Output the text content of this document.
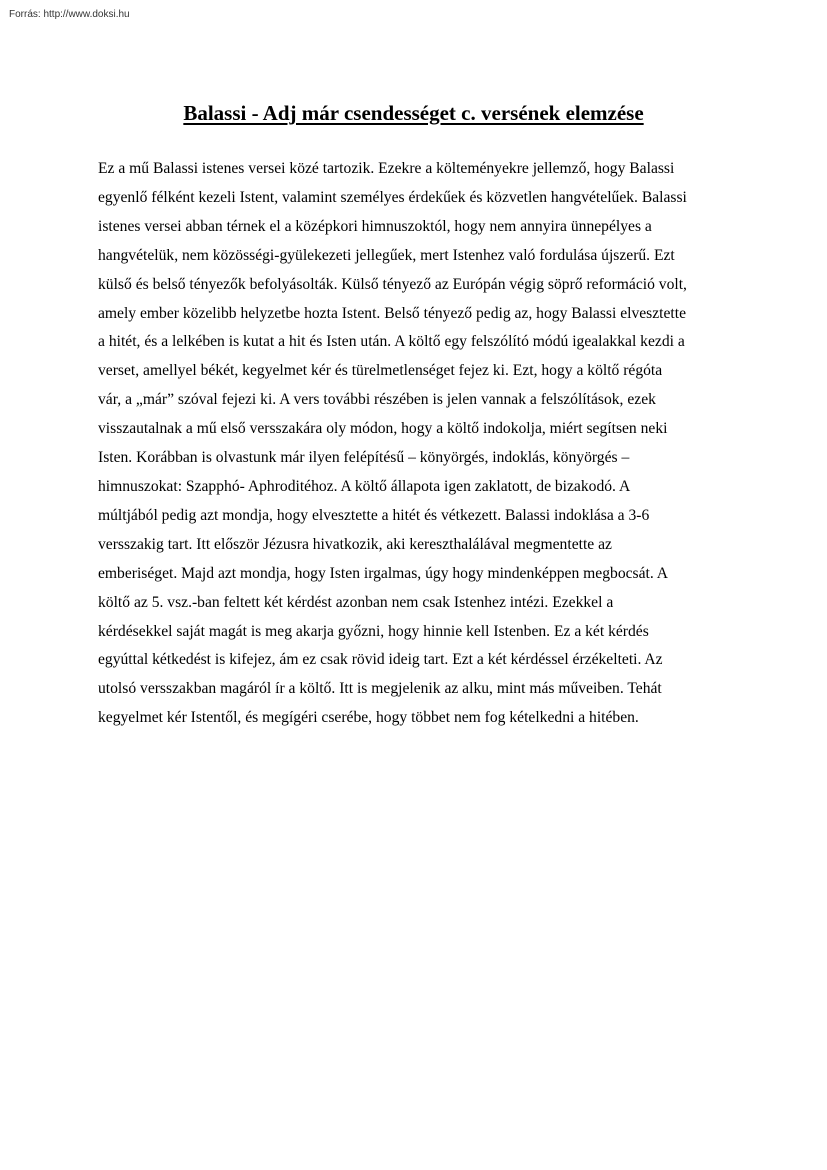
Forrás: http://www.doksi.hu
Balassi - Adj már csendességet c. versének elemzése
Ez a mű Balassi istenes versei közé tartozik. Ezekre a költeményekre jellemző, hogy Balassi
egyenlő félként kezeli Istent, valamint személyes érdekűek és közvetlen hangvételűek. Balassi
istenes versei abban térnek el a középkori himnuszoktól, hogy nem annyira ünnepélyes a
hangvételük, nem közösségi-gyülekezeti jellegűek, mert Istenhez való fordulása újszerű. Ezt
külső és belső tényezők befolyásolták. Külső tényező az Európán végig söprő reformáció volt,
amely ember közelibb helyzetbe hozta Istent. Belső tényező pedig az, hogy Balassi elvesztette
a hitét, és a lelkében is kutat a hit és Isten után. A költő egy felszólító módú igealakkal kezdi a
verset, amellyel békét, kegyelmet kér és türelmetlenséget fejez ki. Ezt, hogy a költő régóta
vár, a „már” szóval fejezi ki. A vers további részében is jelen vannak a felszólítások, ezek
visszautalnak a mű első versszakára oly módon, hogy a költő indokolja, miért segítsen neki
Isten. Korábban is olvastunk már ilyen felépítésű – könyörgés, indoklás, könyörgés –
himnuszokat: Szapphó- Aphroditéhoz. A költő állapota igen zaklatott, de bizakodó. A
múltjából pedig azt mondja, hogy elvesztette a hitét és vétkezett. Balassi indoklása a 3-6
versszakig tart. Itt először Jézusra hivatkozik, aki kereszthalálával megmentette az
emberiséget. Majd azt mondja, hogy Isten irgalmas, úgy hogy mindenképpen megbocsát. A
költő az 5. vsz.-ban feltett két kérdést azonban nem csak Istenhez intézi. Ezekkel a
kérdésekkel saját magát is meg akarja győzni, hogy hinnie kell Istenben. Ez a két kérdés
egyúttal kétkedést is kifejez, ám ez csak rövid ideig tart. Ezt a két kérdéssel érzékelteti. Az
utolsó versszakban magáról ír a költő. Itt is megjelenik az alku, mint más műveiben. Tehát
kegyelmet kér Istentől, és megígéri cserébe, hogy többet nem fog kételkedni a hitében.
